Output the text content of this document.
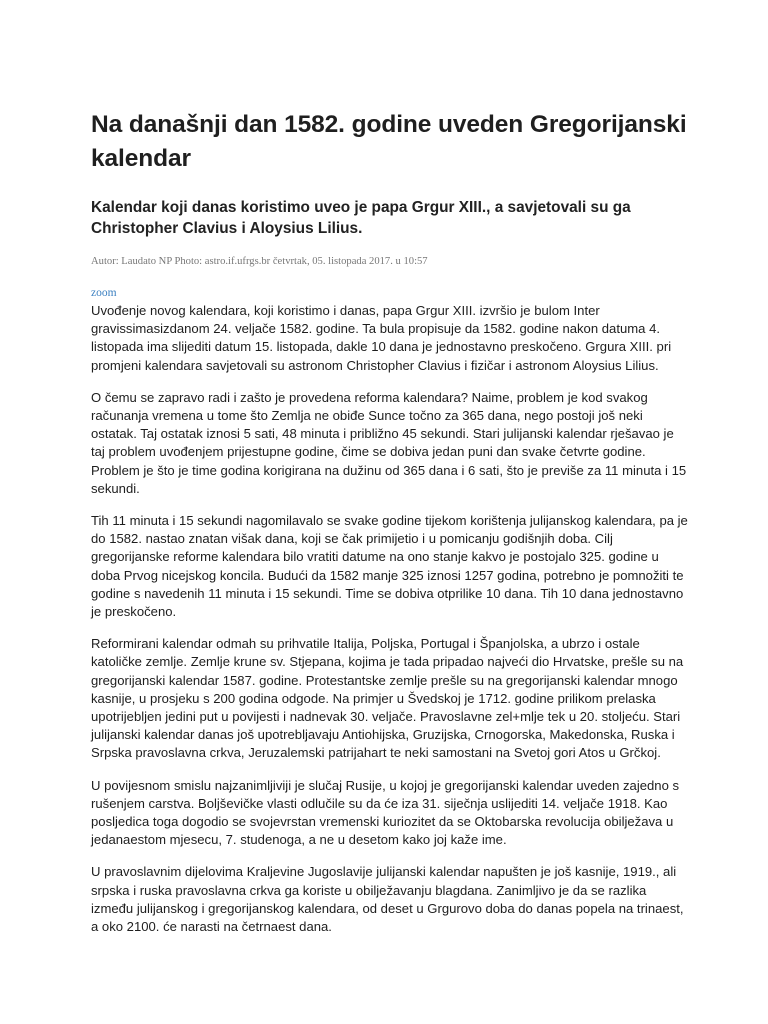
Na današnji dan 1582. godine uveden Gregorijanski kalendar
Kalendar koji danas koristimo uveo je papa Grgur XIII., a savjetovali su ga Christopher Clavius i Aloysius Lilius.
Autor: Laudato NP Photo: astro.if.ufrgs.br četvrtak, 05. listopada 2017. u 10:57
zoom

Uvođenje novog kalendara, koji koristimo i danas, papa Grgur XIII. izvršio je bulom Inter gravissimasizdanom 24. veljače 1582. godine. Ta bula propisuje da 1582. godine nakon datuma 4. listopada ima slijediti datum 15. listopada, dakle 10 dana je jednostavno preskočeno. Grgura XIII. pri promjeni kalendara savjetovali su astronom Christopher Clavius i fizičar i astronom Aloysius Lilius.

O čemu se zapravo radi i zašto je provedena reforma kalendara? Naime, problem je kod svakog računanja vremena u tome što Zemlja ne obiđe Sunce točno za 365 dana, nego postoji još neki ostatak. Taj ostatak iznosi 5 sati, 48 minuta i približno 45 sekundi. Stari julijanski kalendar rješavao je taj problem uvođenjem prijestupne godine, čime se dobiva jedan puni dan svake četvrte godine. Problem je što je time godina korigirana na dužinu od 365 dana i 6 sati, što je previše za 11 minuta i 15 sekundi.

Tih 11 minuta i 15 sekundi nagomilavalo se svake godine tijekom korištenja julijanskog kalendara, pa je do 1582. nastao znatan višak dana, koji se čak primijetio i u pomicanju godišnjih doba. Cilj gregorijanske reforme kalendara bilo vratiti datume na ono stanje kakvo je postojalo 325. godine u doba Prvog nicejskog koncila. Budući da 1582 manje 325 iznosi 1257 godina, potrebno je pomnožiti te godine s navedenih 11 minuta i 15 sekundi. Time se dobiva otprilike 10 dana. Tih 10 dana jednostavno je preskočeno.

Reformirani kalendar odmah su prihvatile Italija, Poljska, Portugal i Španjolska, a ubrzo i ostale katoličke zemlje. Zemlje krune sv. Stjepana, kojima je tada pripadao najveći dio Hrvatske, prešle su na gregorijanski kalendar 1587. godine. Protestantske zemlje prešle su na gregorijanski kalendar mnogo kasnije, u prosjeku s 200 godina odgode. Na primjer u Švedskoj je 1712. godine prilikom prelaska upotrijebljen jedini put u povijesti i nadnevak 30. veljače. Pravoslavne zel+mlje tek u 20. stoljeću. Stari julijanski kalendar danas još upotrebljavaju Antiohijska, Gruzijska, Crnogorska, Makedonska, Ruska i Srpska pravoslavna crkva, Jeruzalemski patrijahart te neki samostani na Svetoj gori Atos u Grčkoj.

U povijesnom smislu najzanimljiviji je slučaj Rusije, u kojoj je gregorijanski kalendar uveden zajedno s rušenjem carstva. Boljševičke vlasti odlučile su da će iza 31. siječnja uslijediti 14. veljače 1918. Kao posljedica toga dogodio se svojevrstan vremenski kuriozitet da se Oktobarska revolucija obilježava u jedanaestom mjesecu, 7. studenoga, a ne u desetom kako joj kaže ime.

U pravoslavnim dijelovima Kraljevine Jugoslavije julijanski kalendar napušten je još kasnije, 1919., ali srpska i ruska pravoslavna crkva ga koriste u obilježavanju blagdana. Zanimljivo je da se razlika između julijanskog i gregorijanskog kalendara, od deset u Grgurovo doba do danas popela na trinaest, a oko 2100. će narasti na četrnaest dana.
